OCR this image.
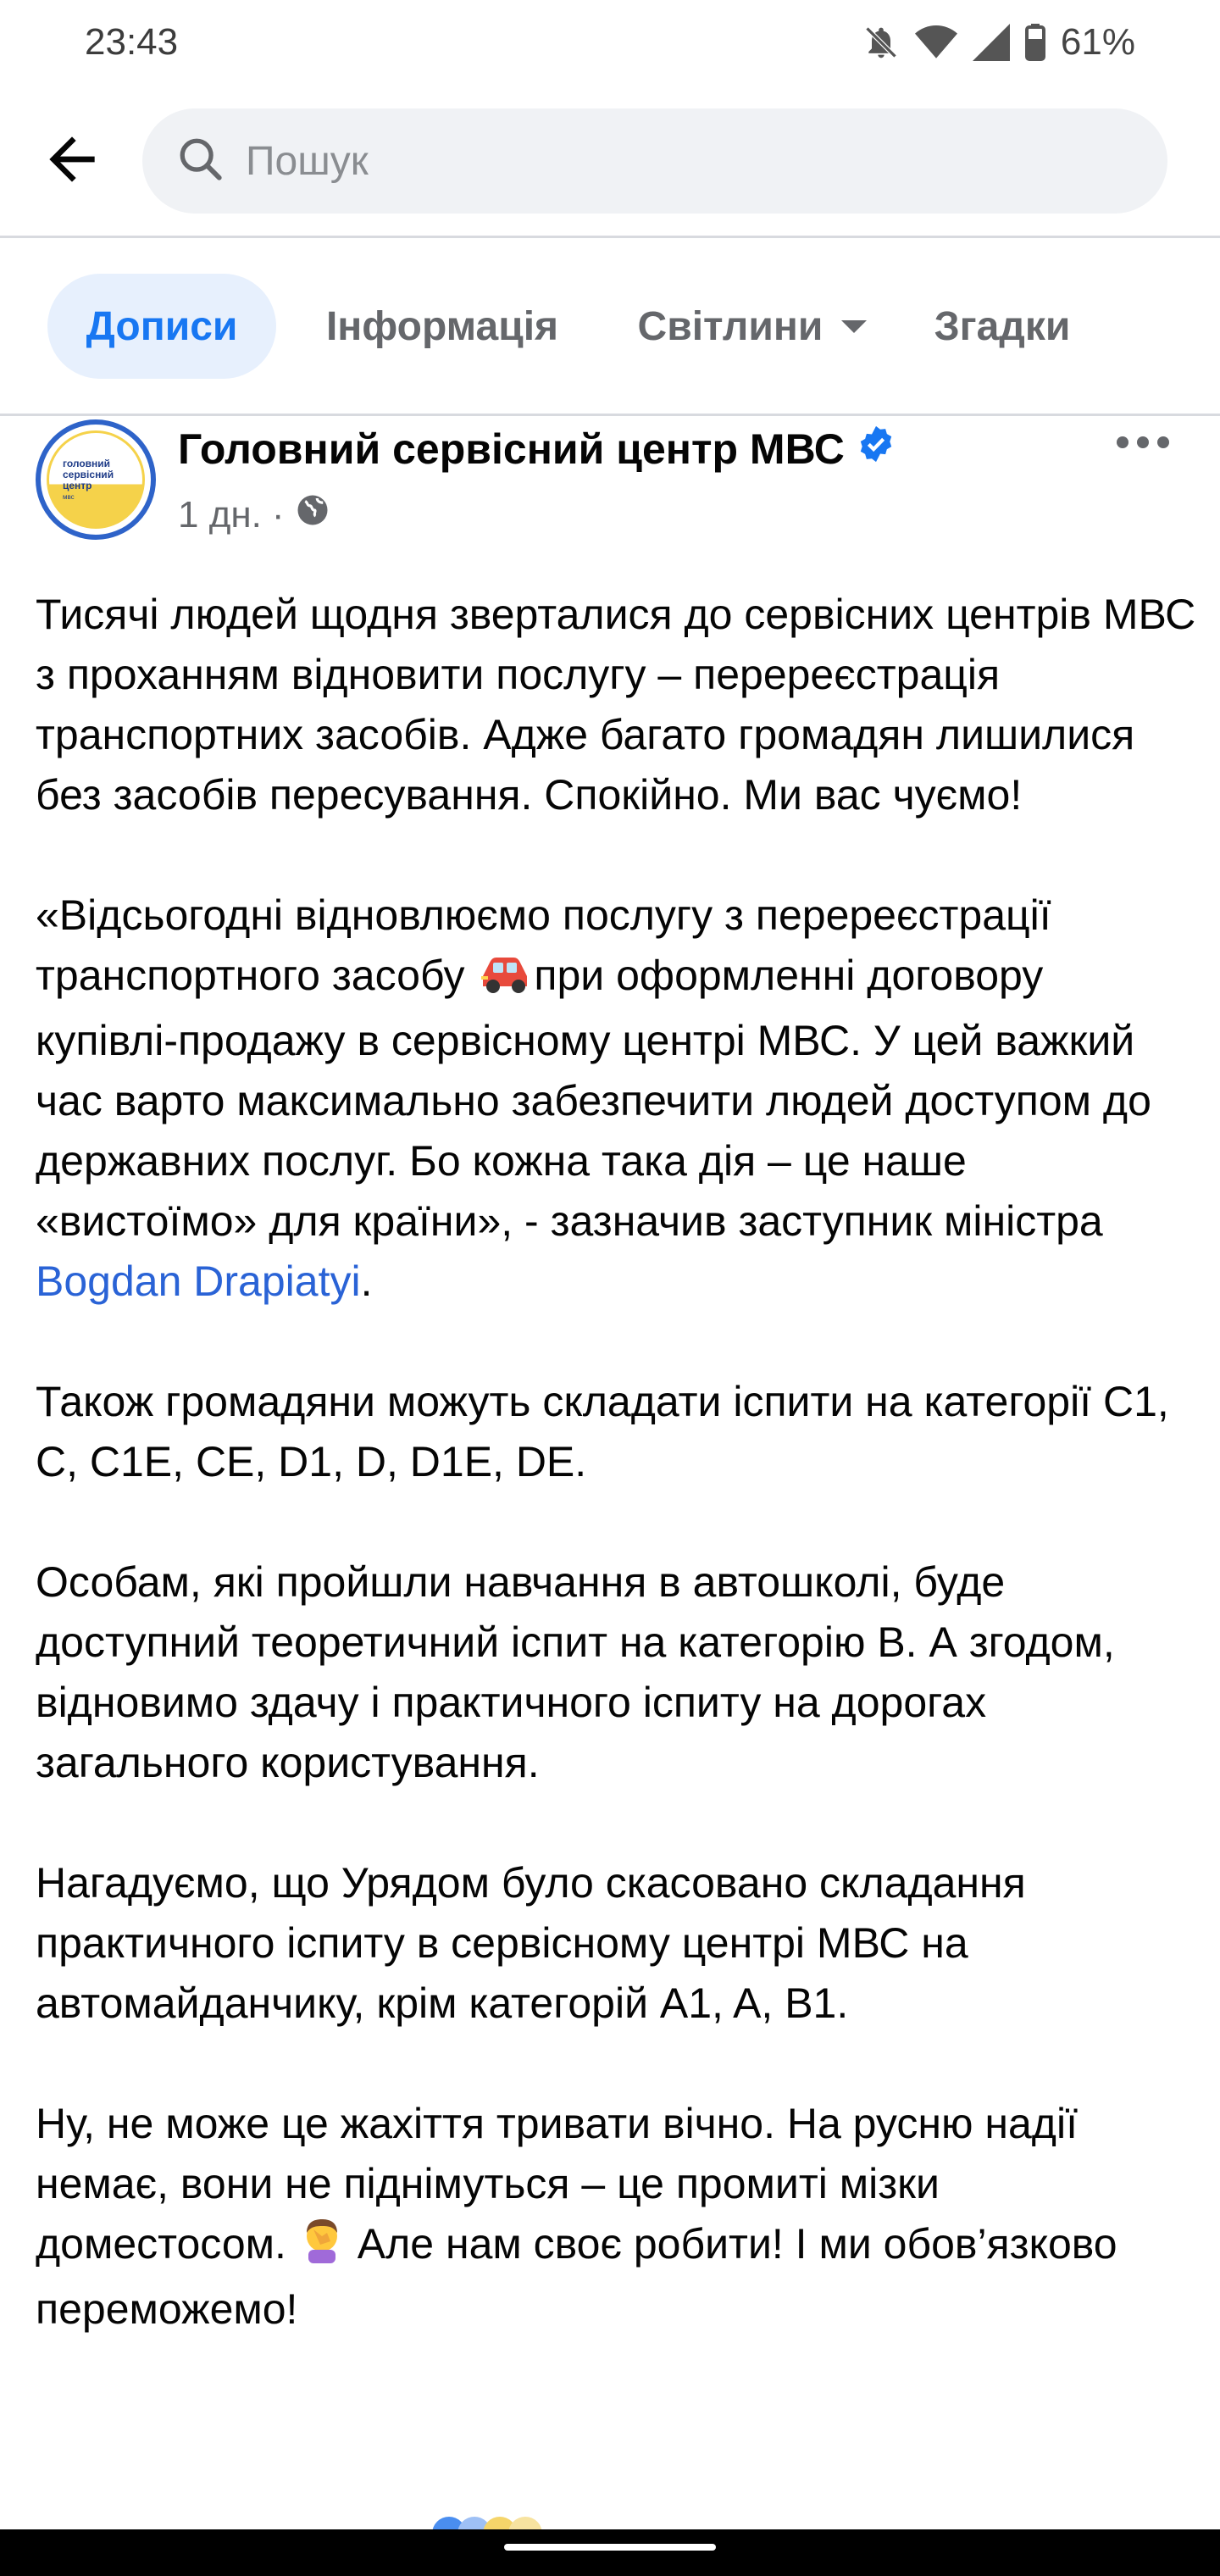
23:43	61%
Пошук
Дописи Інформація Світлини	Згадки
головний сервісний центр
мвс
Головний сервісний центр МВС
1 дн. ·

Тисячі людей щодня зверталися до сервісних центрів МВС з проханням відновити послугу – перереєстрація транспортних засобів. Адже багато громадян лишилися без засобів пересування. Спокійно. Ми вас чуємо!

«Відсьогодні відновлюємо послугу з перереєстрації транспортного засобу при оформленні договору купівлі-продажу в сервісному центрі МВС. У цей важкий час варто максимально забезпечити людей доступом до державних послуг. Бо кожна така дія – це наше «вистоїмо» для країни», - зазначив заступник міністра Bogdan Drapiatyi.

Також громадяни можуть складати іспити на категорії C1, C, C1E, CE, D1, D, D1E, DE.

Особам, які пройшли навчання в автошколі, буде доступний теоретичний іспит на категорію B. А згодом, відновимо здачу і практичного іспиту на дорогах загального користування.

Нагадуємо, що Урядом було скасовано складання практичного іспиту в сервісному центрі МВС на автомайданчику, крім категорій A1, A, B1.

Ну, не може це жахіття тривати вічно. На русню надії немає, вони не піднімуться – це промиті мізки доместосом.  Але нам своє робити! І ми обов’язково переможемо!
